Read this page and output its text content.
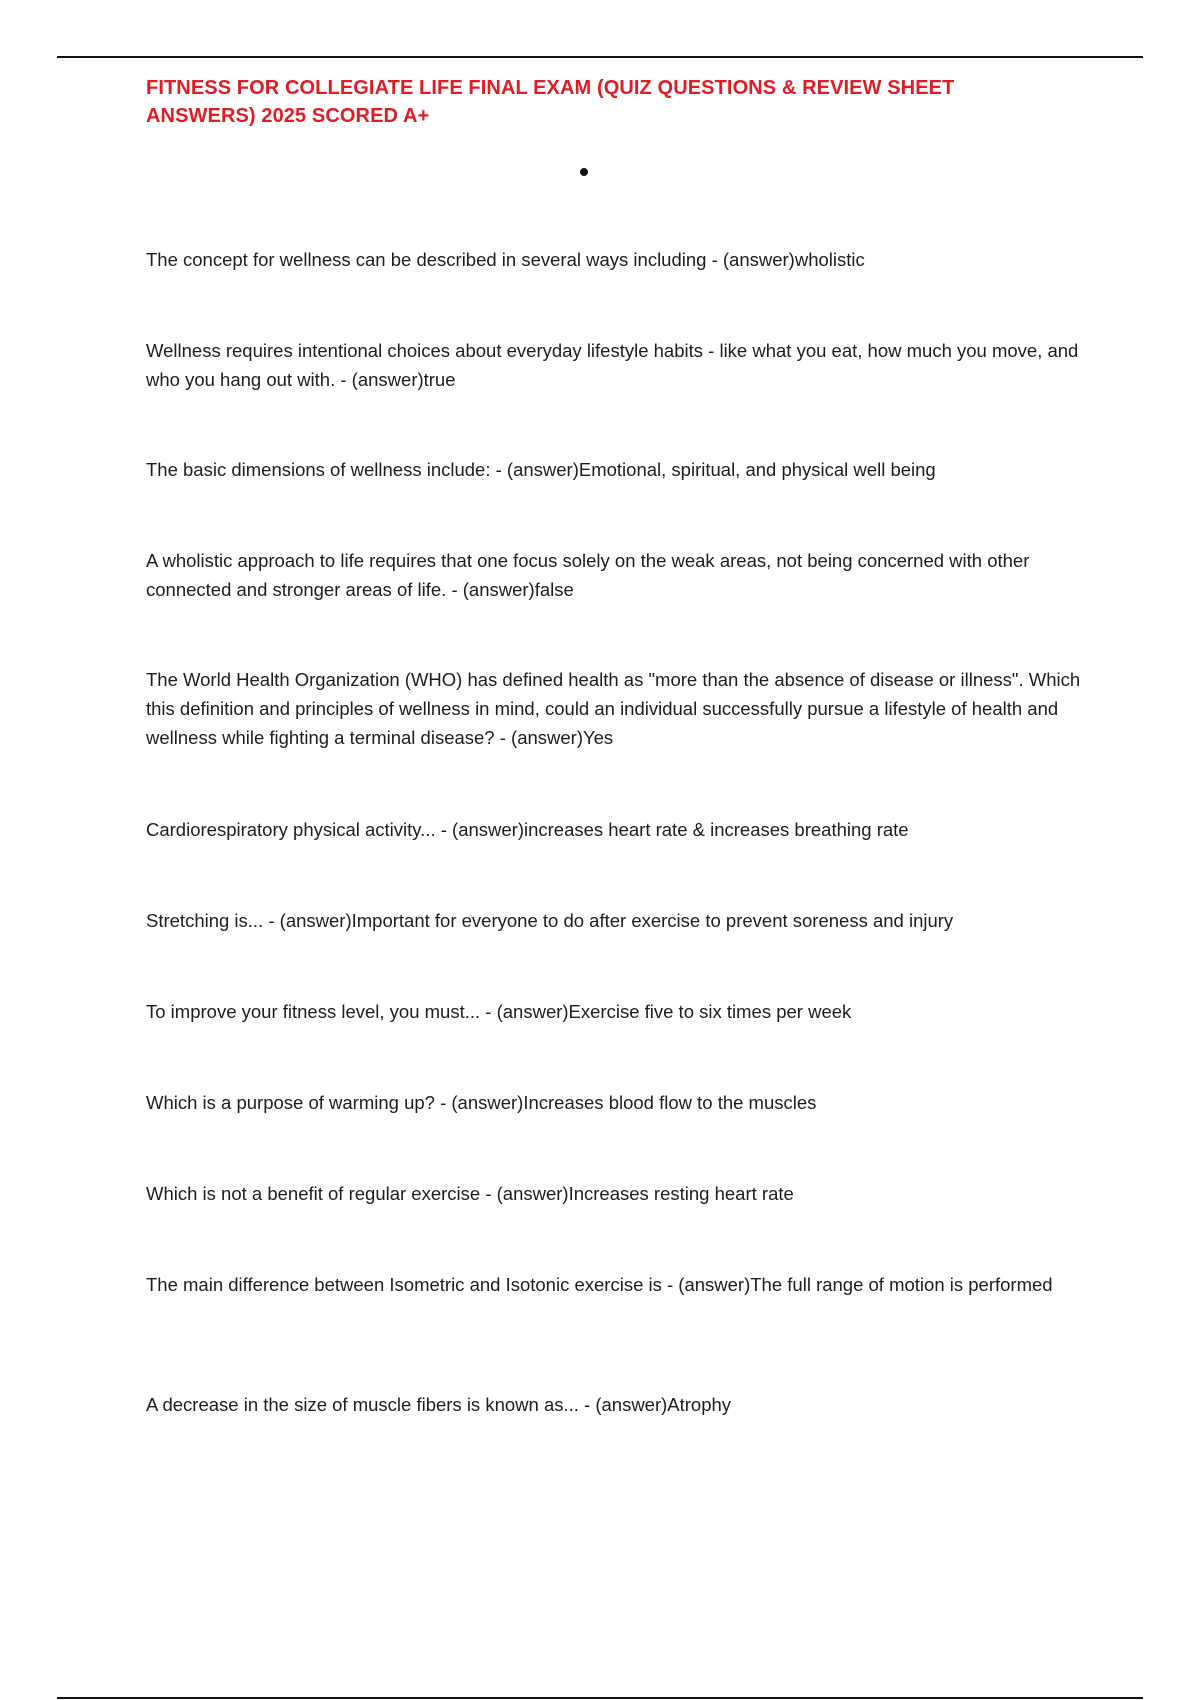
FITNESS FOR COLLEGIATE LIFE FINAL EXAM (QUIZ QUESTIONS & REVIEW SHEET ANSWERS) 2025 SCORED A+

The concept for wellness can be described in several ways including - (answer)wholistic

Wellness requires intentional choices about everyday lifestyle habits - like what you eat, how much you move, and who you hang out with. - (answer)true

The basic dimensions of wellness include: - (answer)Emotional, spiritual, and physical well being

A wholistic approach to life requires that one focus solely on the weak areas, not being concerned with other connected and stronger areas of life. - (answer)false

The World Health Organization (WHO) has defined health as "more than the absence of disease or illness". Which this definition and principles of wellness in mind, could an individual successfully pursue a lifestyle of health and wellness while fighting a terminal disease? - (answer)Yes

Cardiorespiratory physical activity... - (answer)increases heart rate & increases breathing rate

Stretching is... - (answer)Important for everyone to do after exercise to prevent soreness and injury

To improve your fitness level, you must... - (answer)Exercise five to six times per week

Which is a purpose of warming up? - (answer)Increases blood flow to the muscles

Which is not a benefit of regular exercise - (answer)Increases resting heart rate

The main difference between Isometric and Isotonic exercise is - (answer)The full range of motion is performed

A decrease in the size of muscle fibers is known as... - (answer)Atrophy
